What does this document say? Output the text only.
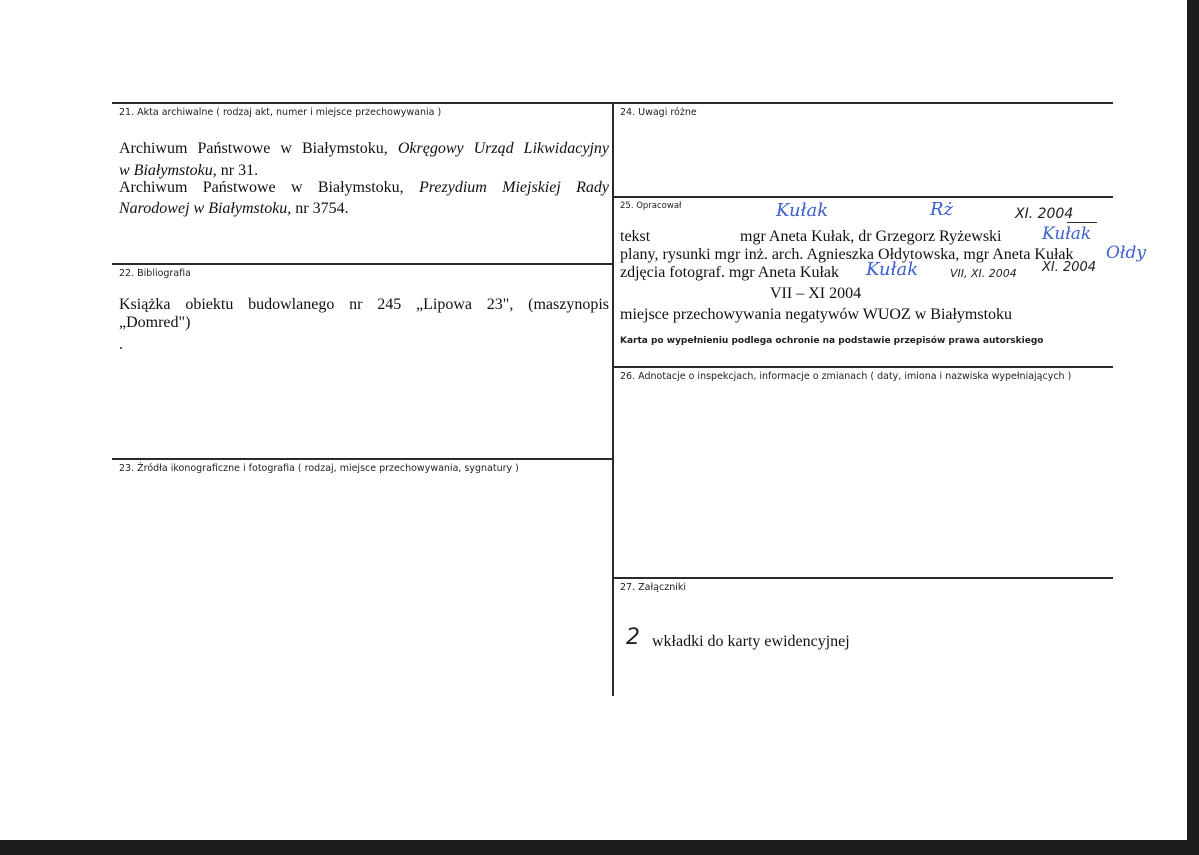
21. Akta archiwalne ( rodzaj akt, numer i miejsce przechowywania )
Archiwum Państwowe w Białymstoku, Okręgowy Urząd Likwidacyjny
w Białymstoku, nr 31.
Archiwum Państwowe w Białymstoku, Prezydium Miejskiej Rady
Narodowej w Białymstoku, nr 3754.
22. Bibliografia
Książka obiektu budowlanego nr 245 „Lipowa 23", (maszynopis
„Domred")
.
23. Źródła ikonograficzne i fotografia ( rodzaj, miejsce przechowywania, sygnatury )
24. Uwagi różne
25. Opracował	Kułak	Rż	XI. 2004
tekst	mgr Aneta Kułak, dr Grzegorz Ryżewski Kułak
plany, rysunki mgr inż. arch. Agnieszka Ołdytowska, mgr Aneta Kułak Ołdy
zdjęcia fotograf. mgr Aneta Kułak Kułak	VII, XI. 2004 XI. 2004
VII – XI 2004
miejsce przechowywania negatywów WUOZ w Białymstoku
Karta po wypełnieniu podlega ochronie na podstawie przepisów prawa autorskiego
26. Adnotacje o inspekcjach, informacje o zmianach ( daty, imiona i nazwiska wypełniających )
27. Załączniki
2 wkładki do karty ewidencyjnej
